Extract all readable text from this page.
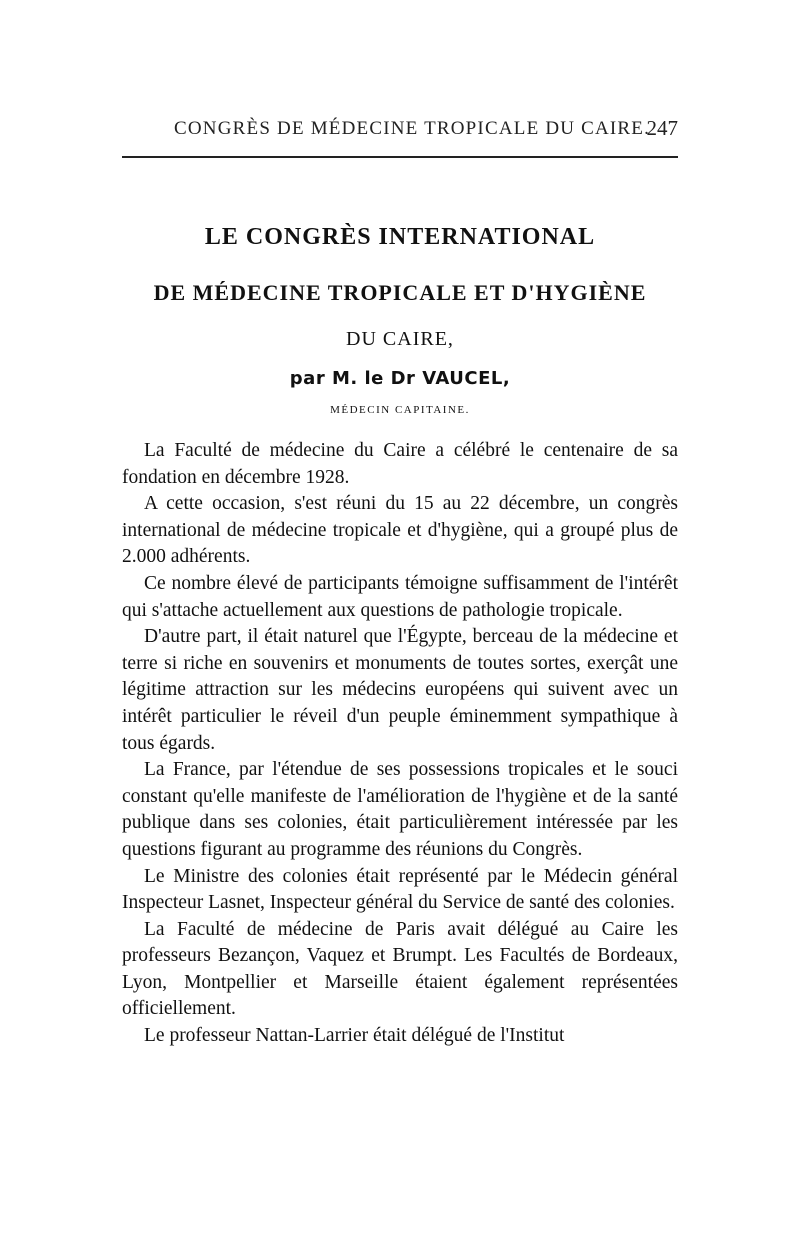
CONGRÈS DE MÉDECINE TROPICALE DU CAIRE.
247
LE CONGRÈS INTERNATIONAL
DE MÉDECINE TROPICALE ET D'HYGIÈNE
DU CAIRE,
par M. le Dr VAUCEL,
MÉDECIN CAPITAINE.

La Faculté de médecine du Caire a célébré le centenaire de sa fondation en décembre 1928.

A cette occasion, s'est réuni du 15 au 22 décembre, un congrès international de médecine tropicale et d'hygiène, qui a groupé plus de 2.000 adhérents.

Ce nombre élevé de participants témoigne suffisamment de l'intérêt qui s'attache actuellement aux questions de pathologie tropicale.

D'autre part, il était naturel que l'Égypte, berceau de la médecine et terre si riche en souvenirs et monuments de toutes sortes, exerçât une légitime attraction sur les médecins européens qui suivent avec un intérêt particulier le réveil d'un peuple éminemment sympathique à tous égards.

La France, par l'étendue de ses possessions tropicales et le souci constant qu'elle manifeste de l'amélioration de l'hygiène et de la santé publique dans ses colonies, était particulièrement intéressée par les questions figurant au programme des réunions du Congrès.

Le Ministre des colonies était représenté par le Médecin général Inspecteur Lasnet, Inspecteur général du Service de santé des colonies.

La Faculté de médecine de Paris avait délégué au Caire les professeurs Bezançon, Vaquez et Brumpt. Les Facultés de Bordeaux, Lyon, Montpellier et Marseille étaient également représentées officiellement.

Le professeur Nattan-Larrier était délégué de l'Institut
